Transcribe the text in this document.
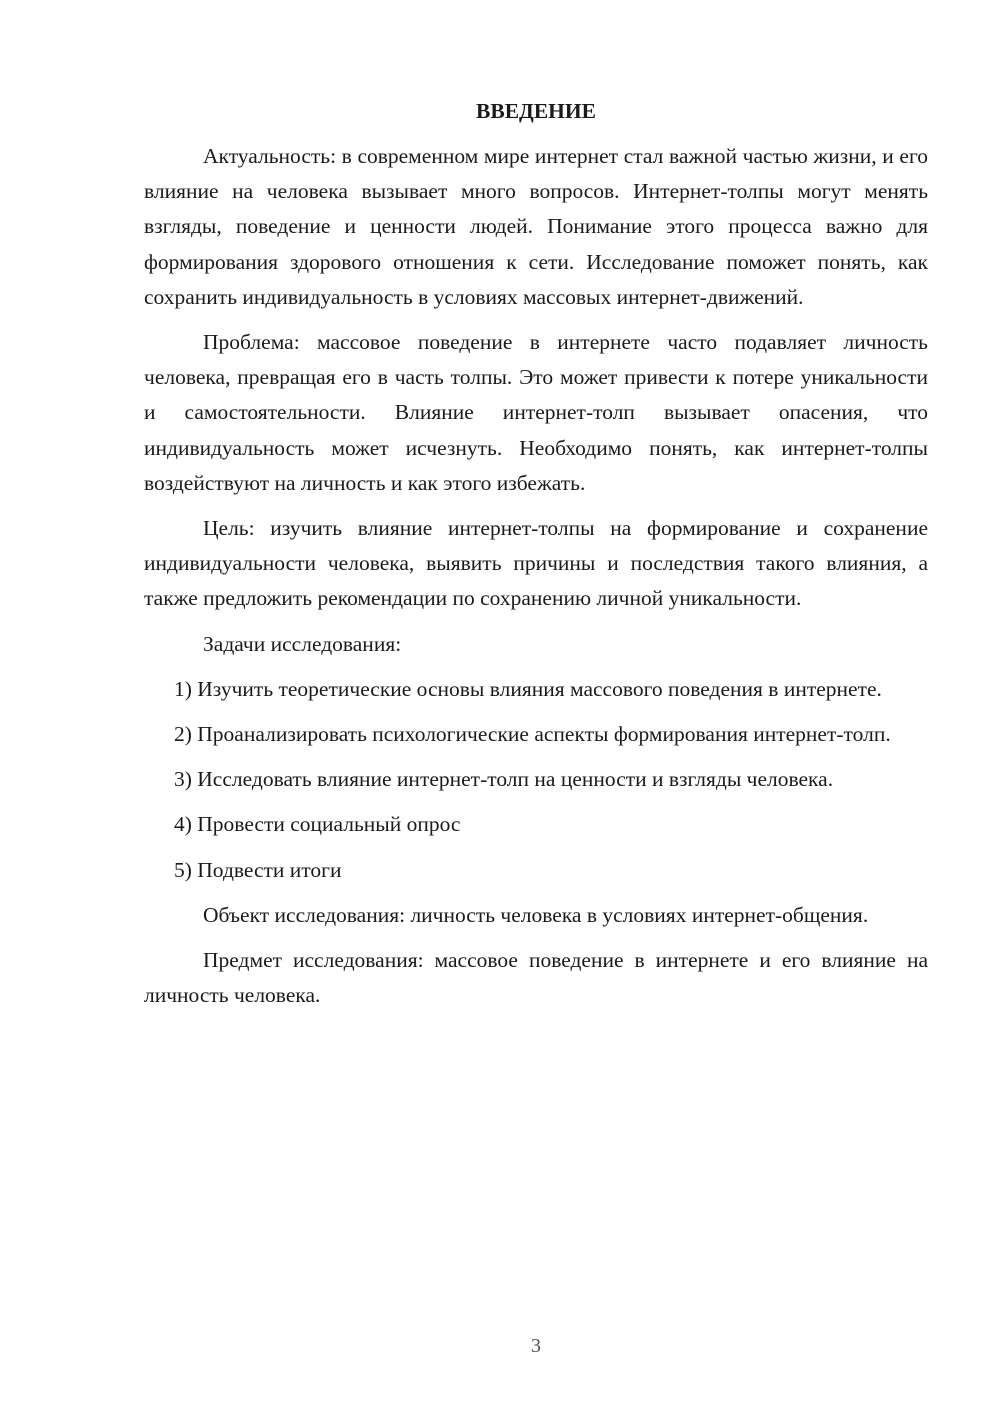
ВВЕДЕНИЕ

Актуальность: в современном мире интернет стал важной частью жизни, и его влияние на человека вызывает много вопросов. Интернет-толпы могут менять взгляды, поведение и ценности людей. Понимание этого процесса важно для формирования здорового отношения к сети. Исследование поможет понять, как сохранить индивидуальность в условиях массовых интернет-движений.

Проблема: массовое поведение в интернете часто подавляет личность человека, превращая его в часть толпы. Это может привести к потере уникальности и самостоятельности. Влияние интернет-толп вызывает опасения, что индивидуальность может исчезнуть. Необходимо понять, как интернет-толпы воздействуют на личность и как этого избежать.

Цель: изучить влияние интернет-толпы на формирование и сохранение индивидуальности человека, выявить причины и последствия такого влияния, а также предложить рекомендации по сохранению личной уникальности.

Задачи исследования:

1) Изучить теоретические основы влияния массового поведения в интернете.

2) Проанализировать психологические аспекты формирования интернет-толп.

3) Исследовать влияние интернет-толп на ценности и взгляды человека.

4) Провести социальный опрос

5) Подвести итоги

Объект исследования: личность человека в условиях интернет-общения.

Предмет исследования: массовое поведение в интернете и его влияние на личность человека.

3
